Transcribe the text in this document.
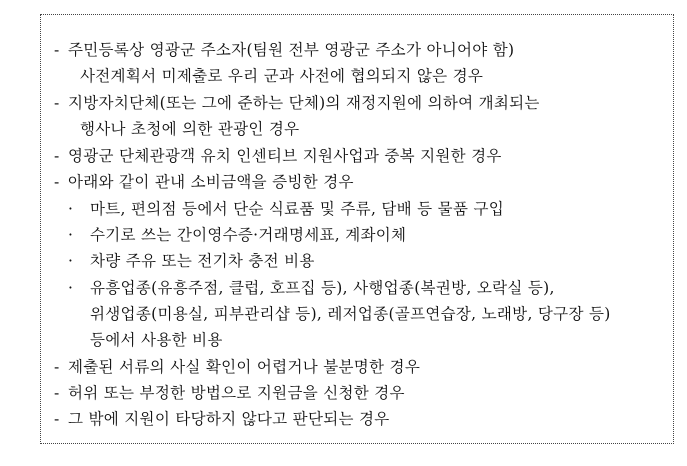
- 주민등록상 영광군 주소자(팀원 전부 영광군 주소가 아니어야 함)
사전계획서 미제출로 우리 군과 사전에 협의되지 않은 경우
- 지방자치단체(또는 그에 준하는 단체)의 재정지원에 의하여 개최되는
행사나 초청에 의한 관광인 경우
- 영광군 단체관광객 유치 인센티브 지원사업과 중복 지원한 경우
- 아래와 같이 관내 소비금액을 증빙한 경우
· 마트, 편의점 등에서 단순 식료품 및 주류, 담배 등 물품 구입
· 수기로 쓰는 간이영수증·거래명세표, 계좌이체
· 차량 주유 또는 전기차 충전 비용
· 유흥업종(유흥주점, 클럽, 호프집 등), 사행업종(복권방, 오락실 등),
위생업종(미용실, 피부관리샵 등), 레저업종(골프연습장, 노래방, 당구장 등)
등에서 사용한 비용
- 제출된 서류의 사실 확인이 어렵거나 불분명한 경우
- 허위 또는 부정한 방법으로 지원금을 신청한 경우
- 그 밖에 지원이 타당하지 않다고 판단되는 경우
